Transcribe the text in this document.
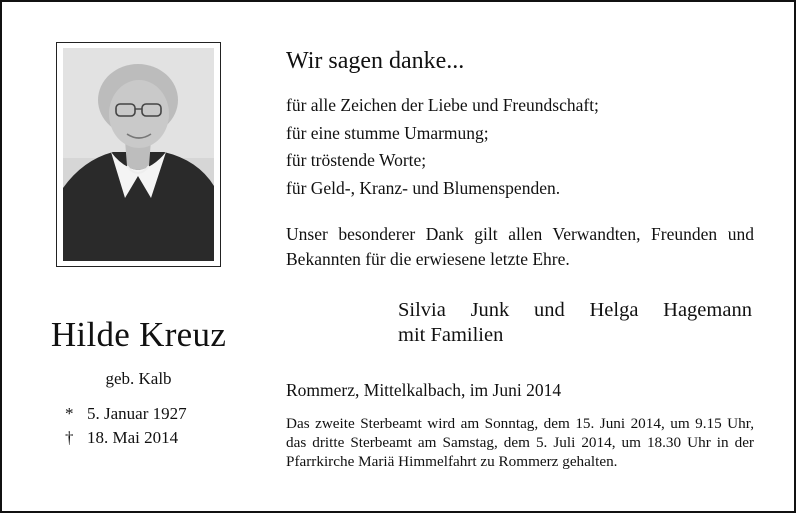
Hilde Kreuz
geb. Kalb
* 5. Januar 1927
† 18. Mai 2014
Wir sagen danke...
für alle Zeichen der Liebe und Freundschaft;
für eine stumme Umarmung;
für tröstende Worte;
für Geld-, Kranz- und Blumenspenden.
Unser besonderer Dank gilt allen Verwandten, Freunden und Bekannten für die erwiesene letzte Ehre.
Silvia Junk und Helga Hagemann
mit Familien
Rommerz, Mittelkalbach, im Juni 2014
Das zweite Sterbeamt wird am Sonntag, dem 15. Juni 2014, um 9.15 Uhr, das dritte Sterbeamt am Samstag, dem 5. Juli 2014, um 18.30 Uhr in der Pfarrkirche Mariä Himmelfahrt zu Rommerz gehalten.
